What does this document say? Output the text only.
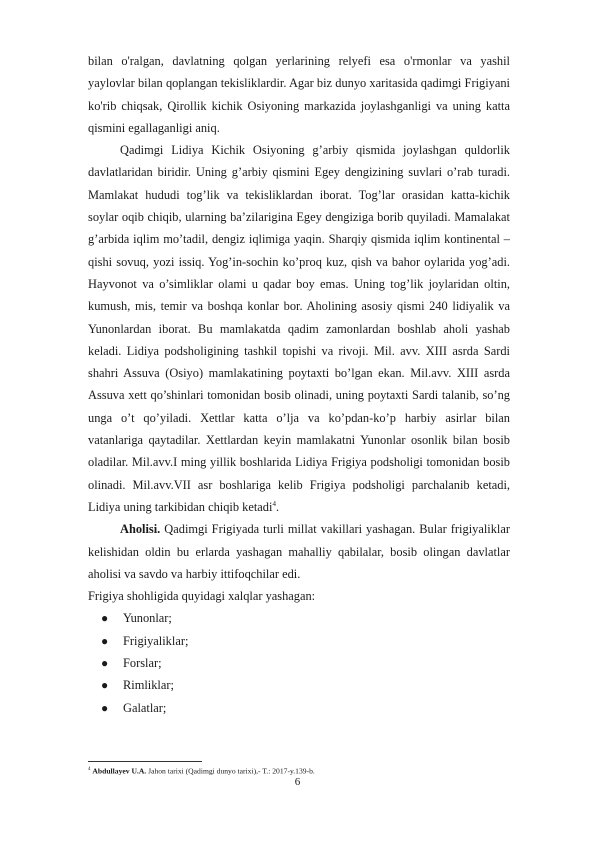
bilan o'ralgan, davlatning qolgan yerlarining relyefi esa o'rmonlar va yashil yaylovlar bilan qoplangan tekisliklardir. Agar biz dunyo xaritasida qadimgi Frigiyani ko'rib chiqsak, Qirollik kichik Osiyoning markazida joylashganligi va uning katta qismini egallaganligi aniq.

Qadimgi Lidiya Kichik Osiyoning g’arbiy qismida joylashgan quldorlik davlatlaridan biridir. Uning g’arbiy qismini Egey dengizining suvlari o’rab turadi. Mamlakat hududi tog’lik va tekisliklardan iborat. Tog’lar orasidan katta-kichik soylar oqib chiqib, ularning ba’zilarigina Egey dengiziga borib quyiladi. Mamalakat g’arbida iqlim mo’tadil, dengiz iqlimiga yaqin. Sharqiy qismida iqlim kontinental – qishi sovuq, yozi issiq. Yog’in-sochin ko’proq kuz, qish va bahor oylarida yog’adi. Hayvonot va o’simliklar olami u qadar boy emas. Uning tog’lik joylaridan oltin, kumush, mis, temir va boshqa konlar bor. Aholining asosiy qismi 240 lidiyalik va Yunonlardan iborat. Bu mamlakatda qadim zamonlardan boshlab aholi yashab keladi. Lidiya podsholigining tashkil topishi va rivoji. Mil. avv. XIII asrda Sardi shahri Assuva (Osiyo) mamlakatining poytaxti bo’lgan ekan. Mil.avv. XIII asrda Assuva xett qo’shinlari tomonidan bosib olinadi, uning poytaxti Sardi talanib, so’ng unga o’t qo’yiladi. Xettlar katta o’lja va ko’pdan-ko’p harbiy asirlar bilan vatanlariga qaytadilar. Xettlardan keyin mamlakatni Yunonlar osonlik bilan bosib oladilar. Mil.avv.I ming yillik boshlarida Lidiya Frigiya podsholigi tomonidan bosib olinadi. Mil.avv.VII asr boshlariga kelib Frigiya podsholigi parchalanib ketadi, Lidiya uning tarkibidan chiqib ketadi$^4$.

Aholisi. Qadimgi Frigiyada turli millat vakillari yashagan. Bular frigiyaliklar kelishidan oldin bu erlarda yashagan mahalliy qabilalar, bosib olingan davlatlar aholisi va savdo va harbiy ittifoqchilar edi.

Frigiya shohligida quyidagi xalqlar yashagan:

● Yunonlar;
● Frigiyaliklar;
● Forslar;
● Rimliklar;
● Galatlar;
$^4$ Abdullayev U.A. Jahon tarixi (Qadimgi dunyo tarixi),- T.: 2017-y.139-b.
6
